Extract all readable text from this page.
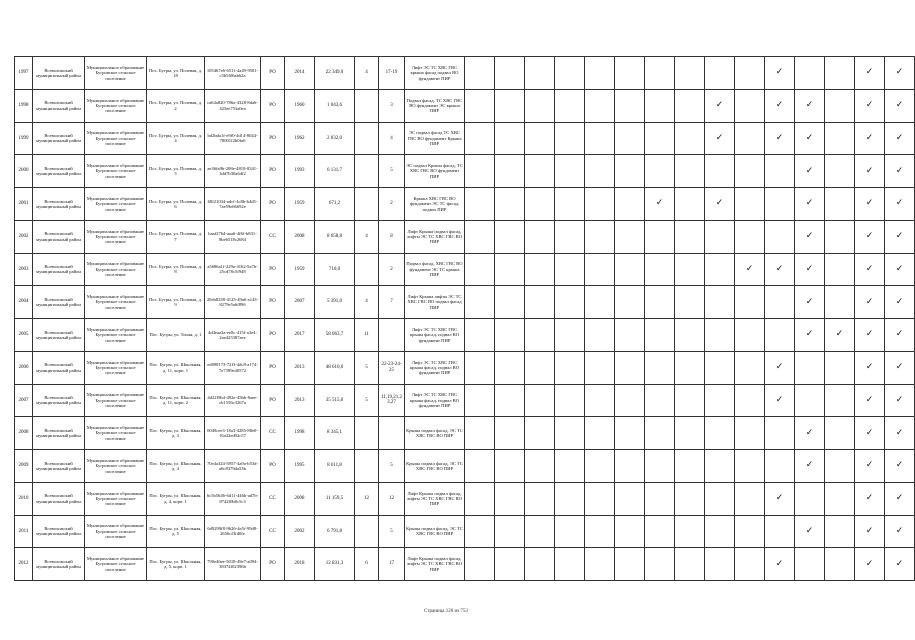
1997	Всеволожский муниципальный район	Муниципальное образование Бугровское сельское поселение	Пос. Бугры, ул. Полевая, д. 18	105467e6-6511-4a49-9581-c5b5f06ab62a	РО	2014	22 349,0	4	17-19	Лифт ЭС ТС ХВС ГВС крыша фасад подвал ВО фундамент ПИР											✓			✓	✓
1998	Всеволожский муниципальный район	Муниципальное образование Бугровское сельское поселение	Пос. Бугры, ул. Полевая, д. 2	ca64a820-786a-4328-8da6-425ee753a0ea	РО	1960	1 043,6		3	Подвал фасад, ТС ХВС ГВС ВО фундамент ЭС крыша ПИР									✓		✓	✓		✓	✓
1999	Всеволожский муниципальный район	Муниципальное образование Бугровское сельское поселение	Пос. Бугры, ул. Полевая, д. 4	bd2bda1f-e9f0-4d14-8044-78001f2b0fa0	РО	1962	2 032,0		4	ЭС подвал фасад ТС ХВС ГВС ВО фундамент Крыша ПИР									✓		✓	✓		✓	✓
2000	Всеволожский муниципальный район	Муниципальное образование Бугровское сельское поселение	Пос. Бугры, ул. Полевая, д. 5	ae36fa9b-208e-4818-8341-3dd7b30a6df2	РО	1993	6 131,7		5	ЭС подвал Крыша фасад, ТС ХВС ГВС ВО фундамент ПИР												✓		✓	✓
2001	Всеволожский муниципальный район	Муниципальное образование Бугровское сельское поселение	Пос. Бугры, ул. Полевая, д. 6	68f21034-adcf-4c8b-b4d5-7ae59e66692e	РО	1959	671,2		2	Крыша ХВС ГВС ВО фундамент ЭС ТС фасад, подвал ПИР							✓		✓			✓		✓	✓
2002	Всеволожский муниципальный район	Муниципальное образование Бугровское сельское поселение	Пос. Бугры, ул. Полевая, д. 7	baaf2764-aaa6-4f6f-b831-8be6518c2684	СС	2008	8 658,8	4	8	Лифт Крыша подвал фасад, лифты ЭС ТС ХВС ГВС ВО ПИР												✓		✓	✓
2003	Всеволожский муниципальный район	Муниципальное образование Бугровское сельское поселение	Пос. Бугры, ул. Полевая, д. 8	a5686a1f-229a-4162-9a7b-25cd78c5f948	РО	1959	710,0		2	Подвал фасад, ХВС ГВС ВО фундамент ЭС ТС крыша ПИР										✓	✓	✓		✓	✓
2004	Всеволожский муниципальный район	Муниципальное образование Бугровское сельское поселение	Пос. Бугры, ул. Полевая, д. 9	20eb8258-4125-49a6-a143-8279e5a6f896	РО	2007	5 391,0	4	7	Лифт Крыша лифты ЭС ТС ХВС ГВС ВО подвал фасад ПИР												✓		✓	✓
2005	Всеволожский муниципальный район	Муниципальное образование Бугровское сельское поселение	Пос. Бугры, ул. Тихая, д. 1	4d4eaa3a-ee8c-415f-a3e4-2ae425387aee	РО	2017	58 063,7	11		Лифт ЭС ТС ХВС ГВС крыша фасад, подвал ВО фундамент ПИР												✓	✓	✓	✓
2006	Всеволожский муниципальный район	Муниципальное образование Бугровское сельское поселение	Пос. Бугры, ул. Школьная, д. 11, корп. 1	ed098173-72f3-4dc8-a174-7e7399e40572	РО	2013	48 610,6	5	22-23-24-25	Лифт ЭС ТС ХВС ГВС крыша фасад, подвал ВО фундамент ПИР											✓			✓	✓
2007	Всеволожский муниципальный район	Муниципальное образование Бугровское сельское поселение	Пос. Бугры, ул. Школьная, д. 11, корп. 2	4d22f9b4-492e-45bb-8aee-cb1556c3267a	РО	2013	35 515,0	5	11,19,21,23,27	Лифт ЭС ТС ХВС ГВС крыша фасад, подвал ВО фундамент ПИР											✓			✓	✓
2008	Всеволожский муниципальный район	Муниципальное образование Бугровское сельское поселение	Пос. Бугры, ул. Школьная, д. 3	0049cee3-18a3-4285-88e0-16a32ed02c57	СС	1998	8 345,1			Крыша подвал фасад, ЭС ТС ХВС ГВС ВО ПИР												✓		✓	✓
2009	Всеволожский муниципальный район	Муниципальное образование Бугровское сельское поселение	Пос. Бугры, ул. Школьная, д. 4	70e4a324-5957-4a9a-b53d-a6c8379da53b	РО	1995	8 611,8		5	Крыша подвал фасад, ЭС ТС ХВС ГВС ВО ПИР												✓		✓	✓
2010	Всеволожский муниципальный район	Муниципальное образование Бугровское сельское поселение	Пос. Бугры, ул. Школьная, д. 4, корп. 1	6c5b5646-6d11-446b-ad7b-8742f0b8c5c3	СС	2008	11 159,5	12	12	Лифт Крыша подвал фасад, лифты ЭС ТС ХВС ГВС ВО ПИР											✓			✓	✓
2011	Всеволожский муниципальный район	Муниципальное образование Бугровское сельское поселение	Пос. Бугры, ул. Школьная, д. 5	6d9299f8-9626-4e5f-99d8-2656cf3fd0fe	СС	2002	6 791,8		5	Крыша подвал фасад, ЭС ТС ХВС ГВС ВО ПИР												✓		✓	✓
2012	Всеволожский муниципальный район	Муниципальное образование Бугровское сельское поселение	Пос. Бугры, ул. Школьная, д. 5, корп. 1	790e46ee-5018-49e7-a094-38374f02396b	РО	2018	12 831,3	6	17	Лифт Крыша подвал фасад, лифты ЭС ТС ХВС ГВС ВО ПИР											✓			✓	✓
Страница 126 из 753
